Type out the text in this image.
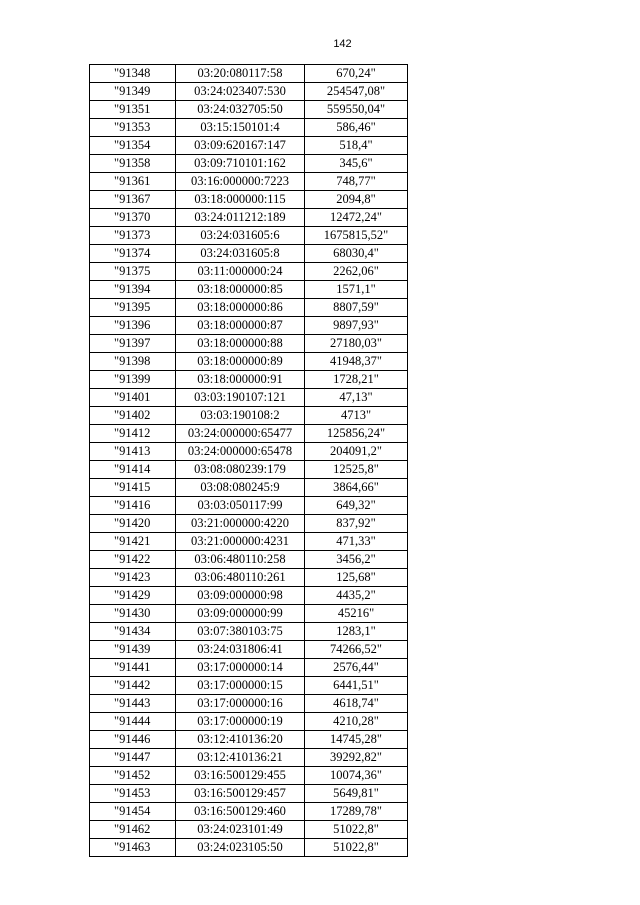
142
"91348	03:20:080117:58	670,24"
"91349	03:24:023407:530	254547,08"
"91351	03:24:032705:50	559550,04"
"91353	03:15:150101:4	586,46"
"91354	03:09:620167:147	518,4"
"91358	03:09:710101:162	345,6"
"91361	03:16:000000:7223	748,77"
"91367	03:18:000000:115	2094,8"
"91370	03:24:011212:189	12472,24"
"91373	03:24:031605:6	1675815,52"
"91374	03:24:031605:8	68030,4"
"91375	03:11:000000:24	2262,06"
"91394	03:18:000000:85	1571,1"
"91395	03:18:000000:86	8807,59"
"91396	03:18:000000:87	9897,93"
"91397	03:18:000000:88	27180,03"
"91398	03:18:000000:89	41948,37"
"91399	03:18:000000:91	1728,21"
"91401	03:03:190107:121	47,13"
"91402	03:03:190108:2	4713"
"91412	03:24:000000:65477	125856,24"
"91413	03:24:000000:65478	204091,2"
"91414	03:08:080239:179	12525,8"
"91415	03:08:080245:9	3864,66"
"91416	03:03:050117:99	649,32"
"91420	03:21:000000:4220	837,92"
"91421	03:21:000000:4231	471,33"
"91422	03:06:480110:258	3456,2"
"91423	03:06:480110:261	125,68"
"91429	03:09:000000:98	4435,2"
"91430	03:09:000000:99	45216"
"91434	03:07:380103:75	1283,1"
"91439	03:24:031806:41	74266,52"
"91441	03:17:000000:14	2576,44"
"91442	03:17:000000:15	6441,51"
"91443	03:17:000000:16	4618,74"
"91444	03:17:000000:19	4210,28"
"91446	03:12:410136:20	14745,28"
"91447	03:12:410136:21	39292,82"
"91452	03:16:500129:455	10074,36"
"91453	03:16:500129:457	5649,81"
"91454	03:16:500129:460	17289,78"
"91462	03:24:023101:49	51022,8"
"91463	03:24:023105:50	51022,8"
